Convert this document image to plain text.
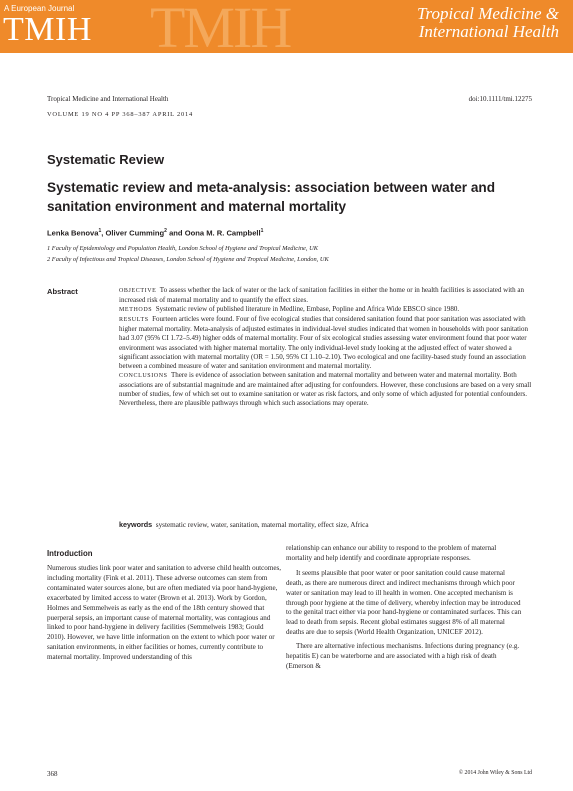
TMIH
A European Journal
TMIH	Tropical Medicine &
International Health
Tropical Medicine and International Health	doi:10.1111/tmi.12275
VOLUME 19 NO 4 PP 368–387 APRIL 2014
Systematic Review
Systematic review and meta-analysis: association between water and sanitation environment and maternal mortality
Lenka Benova$^1$, Oliver Cumming$^2$ and Oona M. R. Campbell$^1$
1 Faculty of Epidemiology and Population Health, London School of Hygiene and Tropical Medicine, UK
2 Faculty of Infectious and Tropical Diseases, London School of Hygiene and Tropical Medicine, London, UK
Abstract	OBJECTIVE To assess whether the lack of water or the lack of sanitation facilities in either the home or in health facilities is associated with an increased risk of maternal mortality and to quantify the effect sizes.

METHODS Systematic review of published literature in Medline, Embase, Popline and Africa Wide EBSCO since 1980.

RESULTS Fourteen articles were found. Four of five ecological studies that considered sanitation found that poor sanitation was associated with higher maternal mortality. Meta-analysis of adjusted estimates in individual-level studies indicated that women in households with poor sanitation had 3.07 (95% CI 1.72–5.49) higher odds of maternal mortality. Four of six ecological studies assessing water environment found that poor water environment was associated with higher maternal mortality. The only individual-level study looking at the adjusted effect of water showed a significant association with maternal mortality (OR = 1.50, 95% CI 1.10–2.10). Two ecological and one facility-based study found an association between a combined measure of water and sanitation environment and maternal mortality.

CONCLUSIONS There is evidence of association between sanitation and maternal mortality and between water and maternal mortality. Both associations are of substantial magnitude and are maintained after adjusting for confounders. However, these conclusions are based on a very small number of studies, few of which set out to examine sanitation or water as risk factors, and only some of which adjusted for potential confounders. Nevertheless, there are plausible pathways through which such associations may operate.

keywords systematic review, water, sanitation, maternal mortality, effect size, Africa
Introduction

Numerous studies link poor water and sanitation to adverse child health outcomes, including mortality (Fink et al. 2011). These adverse outcomes can stem from contaminated water sources alone, but are often mediated via poor hand-hygiene, exacerbated by limited access to water (Brown et al. 2013). Work by Gordon, Holmes and Semmelweis as early as the end of the 18th century showed that puerperal sepsis, an important cause of maternal mortality, was contagious and linked to poor hand-hygiene in delivery facilities (Semmelweis 1983; Gould 2010). However, we have little information on the extent to which poor water or sanitation environments, in either facilities or homes, currently contribute to maternal mortality. Improved understanding of this

relationship can enhance our ability to respond to the problem of maternal mortality and help identify and coordinate appropriate responses.

It seems plausible that poor water or poor sanitation could cause maternal death, as there are numerous direct and indirect mechanisms through which poor water or sanitation may lead to ill health in women. One accepted mechanism is through poor hygiene at the time of delivery, whereby infection may be introduced to the genital tract either via poor hand-hygiene or contaminated surfaces. This can lead to death from sepsis. Recent global estimates suggest 8% of all maternal deaths are due to sepsis (World Health Organization, UNICEF 2012).

There are alternative infectious mechanisms. Infections during pregnancy (e.g. hepatitis E) can be waterborne and are associated with a high risk of death (Emerson &

368	© 2014 John Wiley & Sons Ltd
